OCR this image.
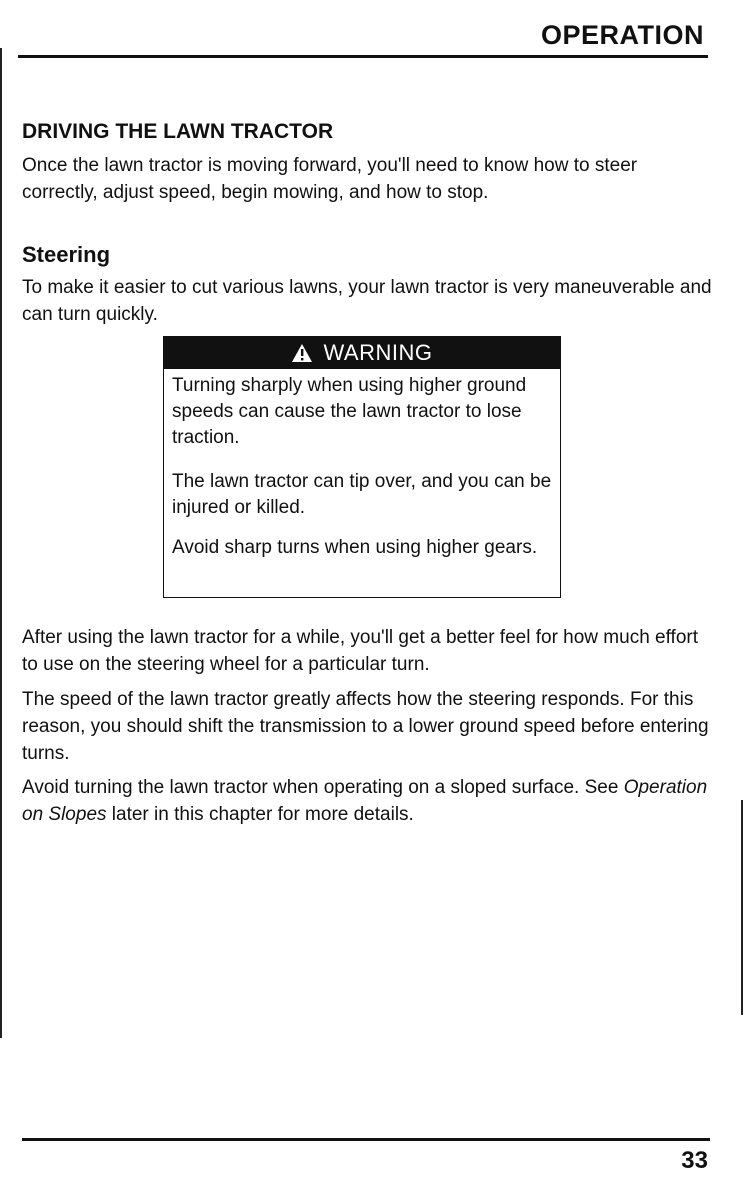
OPERATION
DRIVING THE LAWN TRACTOR
Once the lawn tractor is moving forward, you'll need to know how to steer correctly, adjust speed, begin mowing, and how to stop.
Steering
To make it easier to cut various lawns, your lawn tractor is very maneuverable and can turn quickly.
WARNING

Turning sharply when using higher ground speeds can cause the lawn tractor to lose traction.

The lawn tractor can tip over, and you can be injured or killed.

Avoid sharp turns when using higher gears.

After using the lawn tractor for a while, you'll get a better feel for how much effort to use on the steering wheel for a particular turn.
The speed of the lawn tractor greatly affects how the steering responds. For this reason, you should shift the transmission to a lower ground speed before entering turns.
Avoid turning the lawn tractor when operating on a sloped surface. See Operation on Slopes later in this chapter for more details.
33
